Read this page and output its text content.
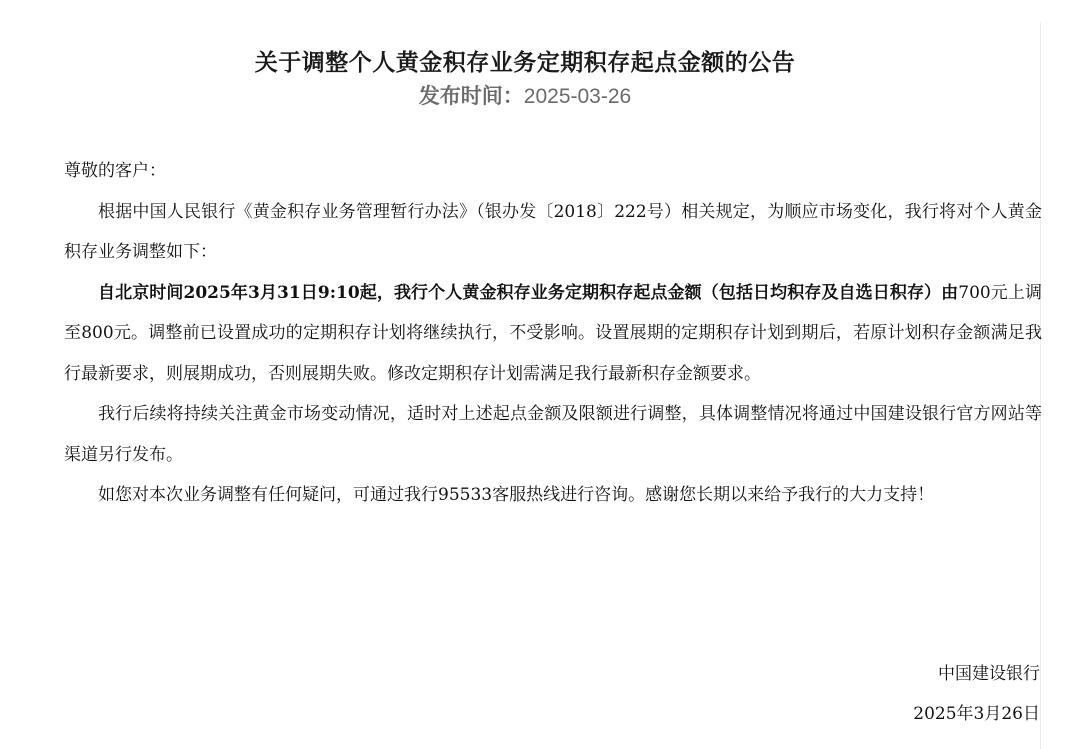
关于调整个人黄金积存业务定期积存起点金额的公告
发布时间：2025-03-26

尊敬的客户：

根据中国人民银行《黄金积存业务管理暂行办法》（银办发〔2018〕222号）相关规定，为顺应市场变化，我行将对个人黄金积存业务调整如下：

自北京时间2025年3月31日9:10起，我行个人黄金积存业务定期积存起点金额（包括日均积存及自选日积存）由700元上调至800元。调整前已设置成功的定期积存计划将继续执行，不受影响。设置展期的定期积存计划到期后，若原计划积存金额满足我行最新要求，则展期成功，否则展期失败。修改定期积存计划需满足我行最新积存金额要求。

我行后续将持续关注黄金市场变动情况，适时对上述起点金额及限额进行调整，具体调整情况将通过中国建设银行官方网站等渠道另行发布。

如您对本次业务调整有任何疑问，可通过我行95533客服热线进行咨询。感谢您长期以来给予我行的大力支持！

中国建设银行
2025年3月26日
